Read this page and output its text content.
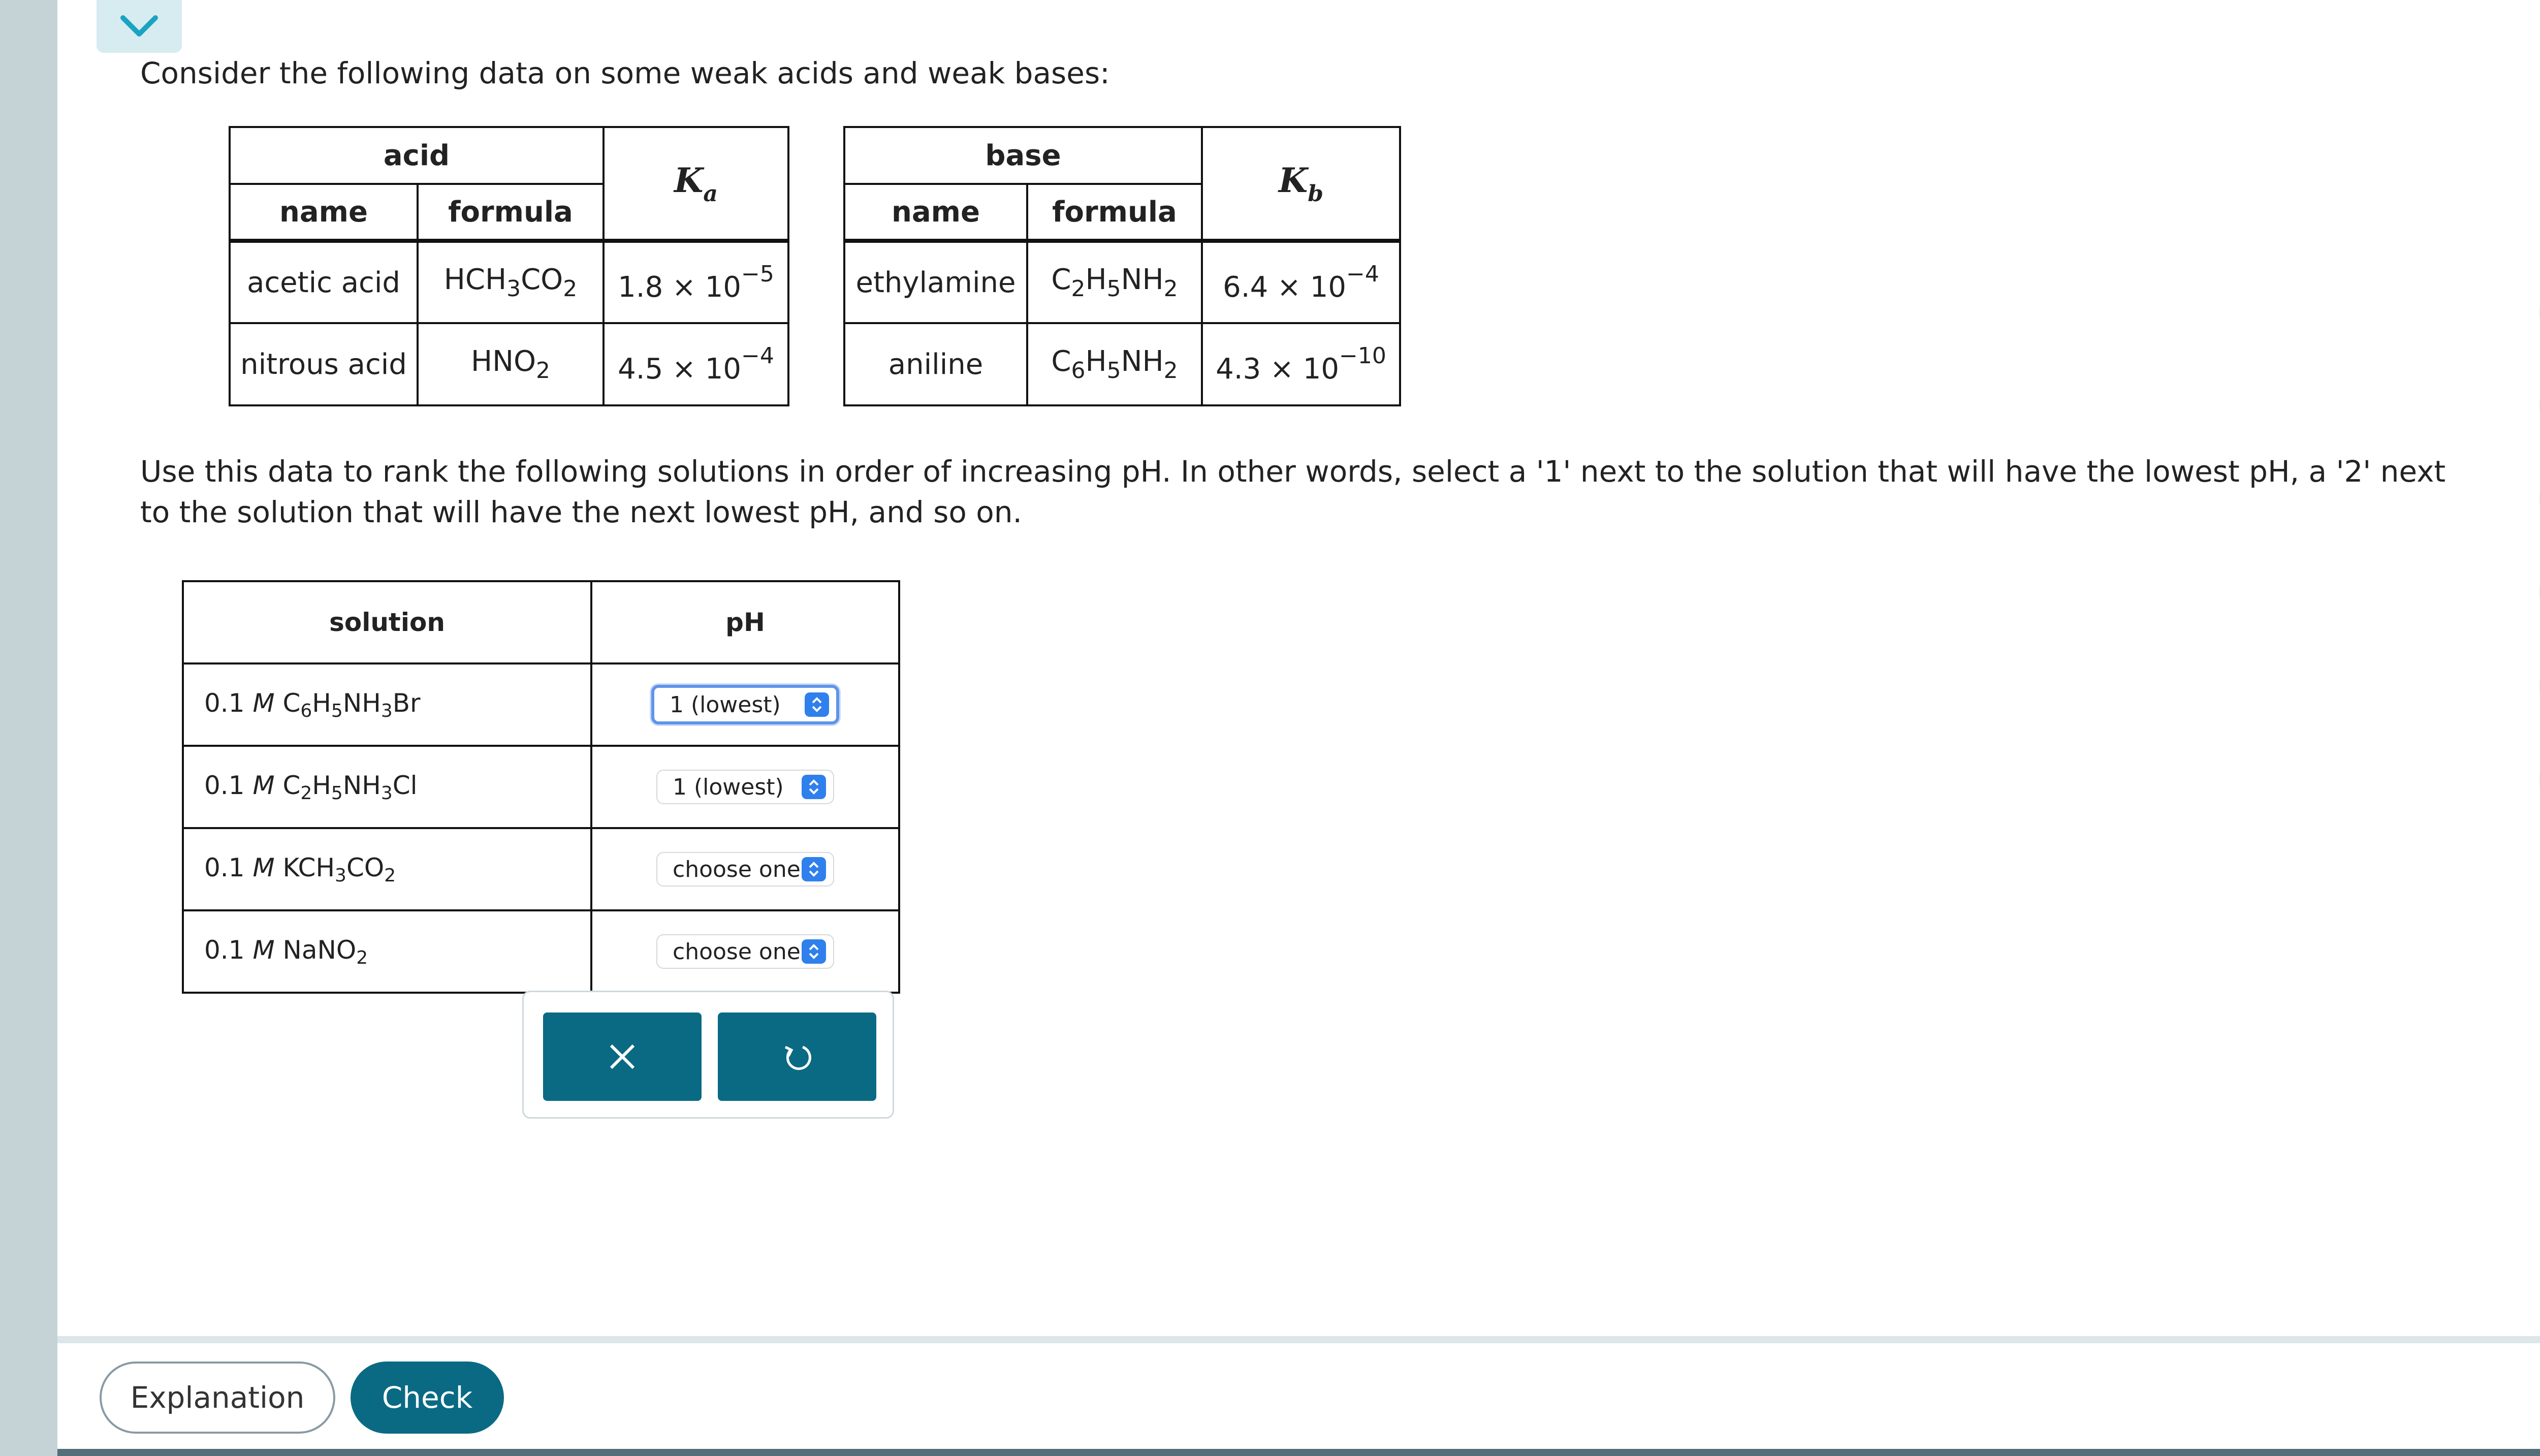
Consider the following data on some weak acids and weak bases:
acid		$K_a$
name	formula	
acetic acid	$HCH_3CO_2$	$1.8 \times 10^{-5}$
nitrous acid	$HNO_2$	$4.5 \times 10^{-4}$
base		$K_b$
name	formula	
ethylamine	$C_2H_5NH_2$	$6.4 \times 10^{-4}$
aniline	$C_6H_5NH_2$	$4.3 \times 10^{-10}$
Use this data to rank the following solutions in order of increasing pH. In other words, select a '1' next to the solution that will have the lowest pH, a '2' next to the solution that will have the next lowest pH, and so on.
solution	pH
0.1 M $C_6H_5NH_3Br$	1 (lowest)

0.1 M $C_2H_5NH_3Cl$	1 (lowest)

0.1 M $KCH_3CO_2$	choose one

0.1 M NaNO$_2$	choose one
Explanation	Check
